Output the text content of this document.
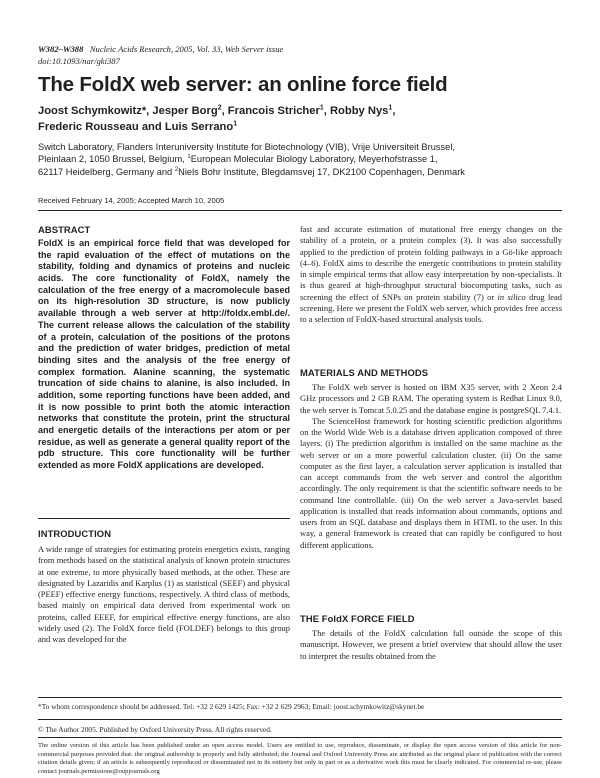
W382–W388 Nucleic Acids Research, 2005, Vol. 33, Web Server issue
doi:10.1093/nar/gki387
The FoldX web server: an online force field
Joost Schymkowitz*, Jesper Borg$^2$, Francois Stricher$^1$, Robby Nys$^1$,
Frederic Rousseau and Luis Serrano$^1$
Switch Laboratory, Flanders Interuniversity Institute for Biotechnology (VIB), Vrije Universiteit Brussel,
Pleinlaan 2, 1050 Brussel, Belgium, $^1$European Molecular Biology Laboratory, Meyerhofstrasse 1,
62117 Heidelberg, Germany and $^2$Niels Bohr Institute, Blegdamsvej 17, DK2100 Copenhagen, Denmark
Received February 14, 2005; Accepted March 10, 2005
ABSTRACT
FoldX is an empirical force field that was developed for the rapid evaluation of the effect of mutations on the stability, folding and dynamics of proteins and nucleic acids. The core functionality of FoldX, namely the calculation of the free energy of a macromolecule based on its high-resolution 3D structure, is now publicly available through a web server at http://foldx.embl.de/. The current release allows the calculation of the stability of a protein, calculation of the positions of the protons and the prediction of water bridges, prediction of metal binding sites and the analysis of the free energy of complex formation. Alanine scanning, the systematic truncation of side chains to alanine, is also included. In addition, some reporting functions have been added, and it is now possible to print both the atomic interaction networks that constitute the protein, print the structural and energetic details of the interactions per atom or per residue, as well as generate a general quality report of the pdb structure. This core functionality will be further extended as more FoldX applications are developed.
INTRODUCTION

A wide range of strategies for estimating protein energetics exists, ranging from methods based on the statistical analysis of known protein structures at one extreme, to more physically based methods, at the other. These are designated by Lazaridis and Karplus (1) as statistical (SEEF) and physical (PEEF) effective energy functions, respectively. A third class of methods, based mainly on empirical data derived from experimental work on proteins, called EEEF, for empirical effective energy functions, are also widely used (2). The FoldX force field (FOLDEF) belongs to this group and was developed for the

fast and accurate estimation of mutational free energy changes on the stability of a protein, or a protein complex (3). It was also successfully applied to the prediction of protein folding pathways in a Gö-like approach (4–6). FoldX aims to describe the energetic contributions to protein stability in simple empirical terms that allow easy interpretation by non-specialists. It is thus geared at high-throughput structural biocomputing tasks, such as screening the effect of SNPs on protein stability (7) or in silico drug lead screening. Here we present the FoldX web server, which provides free access to a selection of FoldX-based structural analysis tools.

MATERIALS AND METHODS

The FoldX web server is hosted on IBM X35 server, with 2 Xeon 2.4 GHz processors and 2 GB RAM. The operating system is Redhat Linux 9.0, the web server is Tomcat 5.0.25 and the database engine is postgreSQL 7.4.1.

The ScienceHost framework for hosting scientific prediction algorithms on the World Wide Web is a database driven application composed of three layers. (i) The prediction algorithm is installed on the same machine as the web server or on a more powerful calculation cluster. (ii) On the same computer as the first layer, a calculation server application is installed that can accept commands from the web server and control the algorithm accordingly. The only requirement is that the scientific software needs to be command line controllable. (iii) On the web server a Java-servlet based application is installed that reads information about commands, options and users from an SQL database and displays them in HTML to the user. In this way, a general framework is created that can rapidly be configured to host different applications.

THE FoldX FORCE FIELD

The details of the FoldX calculation fall outside the scope of this manuscript. However, we present a brief overview that should allow the user to interpret the results obtained from the

*To whom correspondence should be addressed. Tel: +32 2 629 1425; Fax: +32 2 629 2963; Email: joost.schymkowitz@skynet.be
© The Author 2005. Published by Oxford University Press. All rights reserved.
The online version of this article has been published under an open access model. Users are entitled to use, reproduce, disseminate, or display the open access version of this article for non-commercial purposes provided that: the original authorship is properly and fully attributed; the Journal and Oxford University Press are attributed as the original place of publication with the correct citation details given; if an article is subsequently reproduced or disseminated not in its entirety but only in part or as a derivative work this must be clearly indicated. For commercial re-use, please contact journals.permissions@oupjournals.org
